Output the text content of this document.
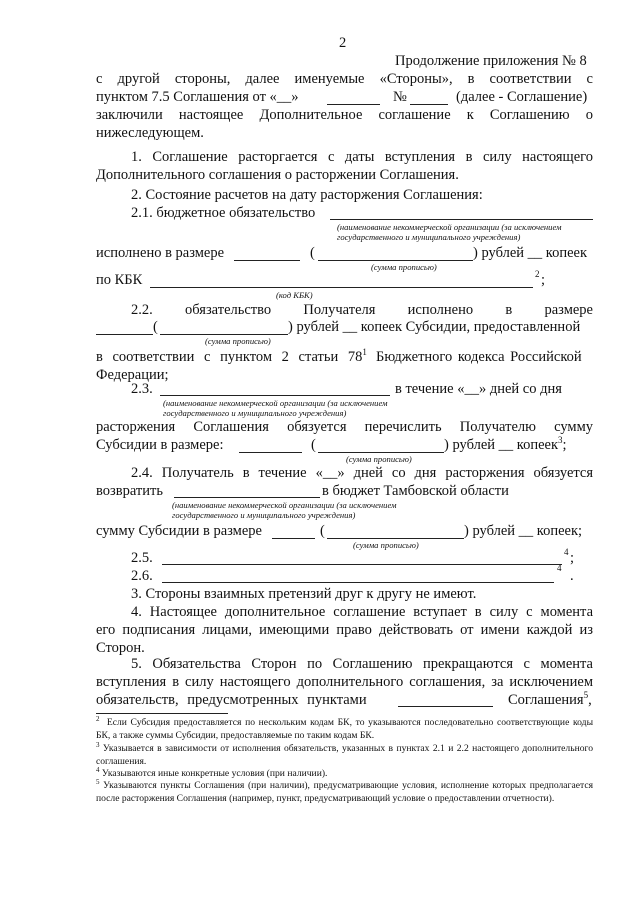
2
Продолжение приложения № 8
с другой стороны, далее именуемые «Стороны», в соответствии с
пунктом 7.5 Соглашения от «__»	№	(далее - Соглашение)
заключили настоящее Дополнительное соглашение к Соглашению о
нижеследующем.
1. Соглашение расторгается с даты вступления в силу настоящего
Дополнительного соглашения о расторжении Соглашения.
2. Состояние расчетов на дату расторжения Соглашения:
2.1. бюджетное обязательство
(наименование некоммерческой организации (за исключением
государственного и муниципального учреждения)
исполнено в размере	(	) рублей __ копеек
(сумма прописью)
по КБК	2 ;
(код КБК)
2.2. обязательство Получателя исполнено в размере
(	) рублей __ копеек Субсидии, предоставленной
(сумма прописью)
в соответствии с пунктом 2 статьи $78^1$ Бюджетного кодекса Российской
Федерации;
2.3.	в течение «__» дней со дня
(наименование некоммерческой организации (за исключением
государственного и муниципального учреждения)
расторжения Соглашения обязуется перечислить Получателю сумму
Субсидии в размере:	(	) рублей __ копеек$^3$;
(сумма прописью)
2.4. Получатель в течение «__» дней со дня расторжения обязуется
возвратить	в бюджет Тамбовской области
(наименование некоммерческой организации (за исключением
государственного и муниципального учреждения)
сумму Субсидии в размере	(	) рублей __ копеек;
(сумма прописью)
2.5.	4 ;
2.6.	4 .
3. Стороны взаимных претензий друг к другу не имеют.
4. Настоящее дополнительное соглашение вступает в силу с момента
его подписания лицами, имеющими право действовать от имени каждой из
Сторон.
5. Обязательства Сторон по Соглашению прекращаются с момента
вступления в силу настоящего дополнительного соглашения, за исключением
обязательств, предусмотренных пунктами	Соглашения$^5$,
$^2$ Если Субсидия предоставляется по нескольким кодам БК, то указываются последовательно соответствующие коды БК, а также суммы Субсидии, предоставляемые по таким кодам БК.
$^3$ Указывается в зависимости от исполнения обязательств, указанных в пунктах 2.1 и 2.2 настоящего дополнительного соглашения.
$^4$ Указываются иные конкретные условия (при наличии).
$^5$ Указываются пункты Соглашения (при наличии), предусматривающие условия, исполнение которых предполагается после расторжения Соглашения (например, пункт, предусматривающий условие о предоставлении отчетности).
